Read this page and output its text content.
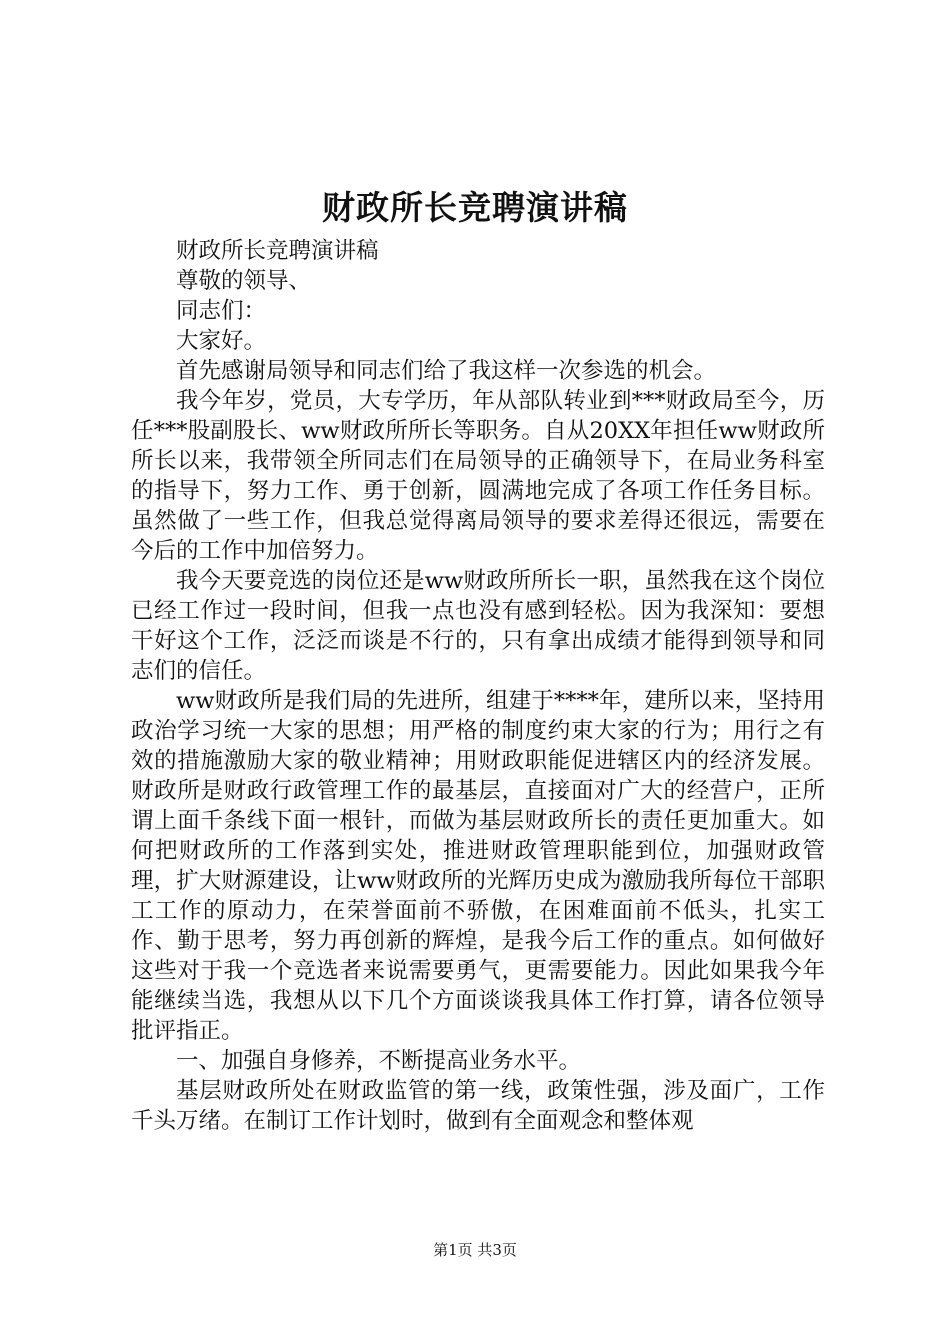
财政所长竞聘演讲稿

财政所长竞聘演讲稿

尊敬的领导、

同志们：

大家好。

首先感谢局领导和同志们给了我这样一次参选的机会。

我今年岁，党员，大专学历，年从部队转业到***财政局至今，历任***股副股长、ww财政所所长等职务。自从20XX年担任ww财政所所长以来，我带领全所同志们在局领导的正确领导下，在局业务科室的指导下，努力工作、勇于创新，圆满地完成了各项工作任务目标。虽然做了一些工作，但我总觉得离局领导的要求差得还很远，需要在今后的工作中加倍努力。

我今天要竞选的岗位还是ww财政所所长一职，虽然我在这个岗位已经工作过一段时间，但我一点也没有感到轻松。因为我深知：要想干好这个工作，泛泛而谈是不行的，只有拿出成绩才能得到领导和同志们的信任。

ww财政所是我们局的先进所，组建于****年，建所以来，坚持用政治学习统一大家的思想；用严格的制度约束大家的行为；用行之有效的措施激励大家的敬业精神；用财政职能促进辖区内的经济发展。财政所是财政行政管理工作的最基层，直接面对广大的经营户，正所谓上面千条线下面一根针，而做为基层财政所长的责任更加重大。如何把财政所的工作落到实处，推进财政管理职能到位，加强财政管理，扩大财源建设，让ww财政所的光辉历史成为激励我所每位干部职工工作的原动力，在荣誉面前不骄傲，在困难面前不低头，扎实工作、勤于思考，努力再创新的辉煌，是我今后工作的重点。如何做好这些对于我一个竞选者来说需要勇气，更需要能力。因此如果我今年能继续当选，我想从以下几个方面谈谈我具体工作打算，请各位领导批评指正。

一、加强自身修养，不断提高业务水平。

基层财政所处在财政监管的第一线，政策性强，涉及面广，工作千头万绪。在制订工作计划时，做到有全面观念和整体观

第1页 共3页
